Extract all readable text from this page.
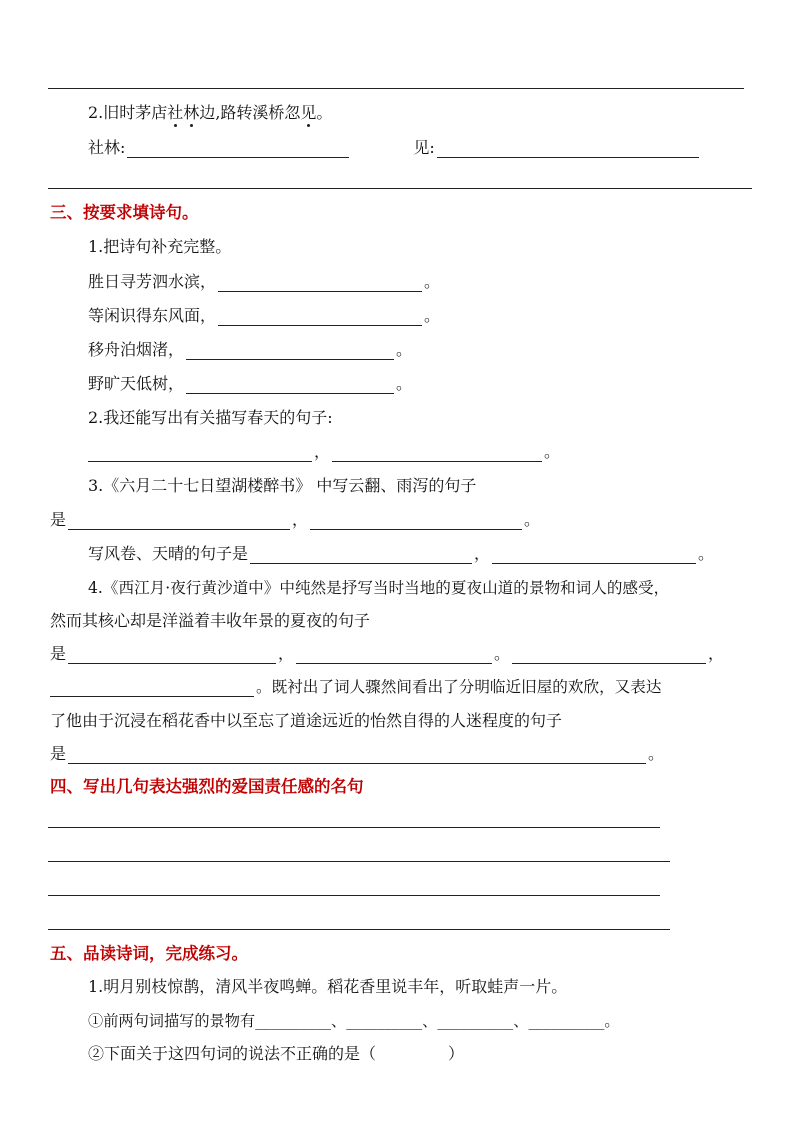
2.旧时茅店社林边,路转溪桥忽见。
社林:	见:
三、按要求填诗句。
1.把诗句补充完整。
胜日寻芳泗水滨，	。
等闲识得东风面，	。
移舟泊烟渚，	。
野旷天低树，	。
2.我还能写出有关描写春天的句子:
，	。
3.《六月二十七日望湖楼醉书》 中写云翻、雨泻的句子
是	，	。
写风卷、天晴的句子是	，	。
4.《西江月·夜行黄沙道中》中纯然是抒写当时当地的夏夜山道的景物和词人的感受，
然而其核心却是洋溢着丰收年景的夏夜的句子
是	，	。	，
。既衬出了词人骤然间看出了分明临近旧屋的欢欣，又表达
了他由于沉浸在稻花香中以至忘了道途远近的怡然自得的人迷程度的句子
是	。
四、写出几句表达强烈的爱国责任感的名句
五、品读诗词，完成练习。
1.明月别枝惊鹊，清风半夜鸣蝉。稻花香里说丰年，听取蛙声一片。
①前两句词描写的景物有__________、__________、__________、__________。
②下面关于这四句词的说法不正确的是（	）
